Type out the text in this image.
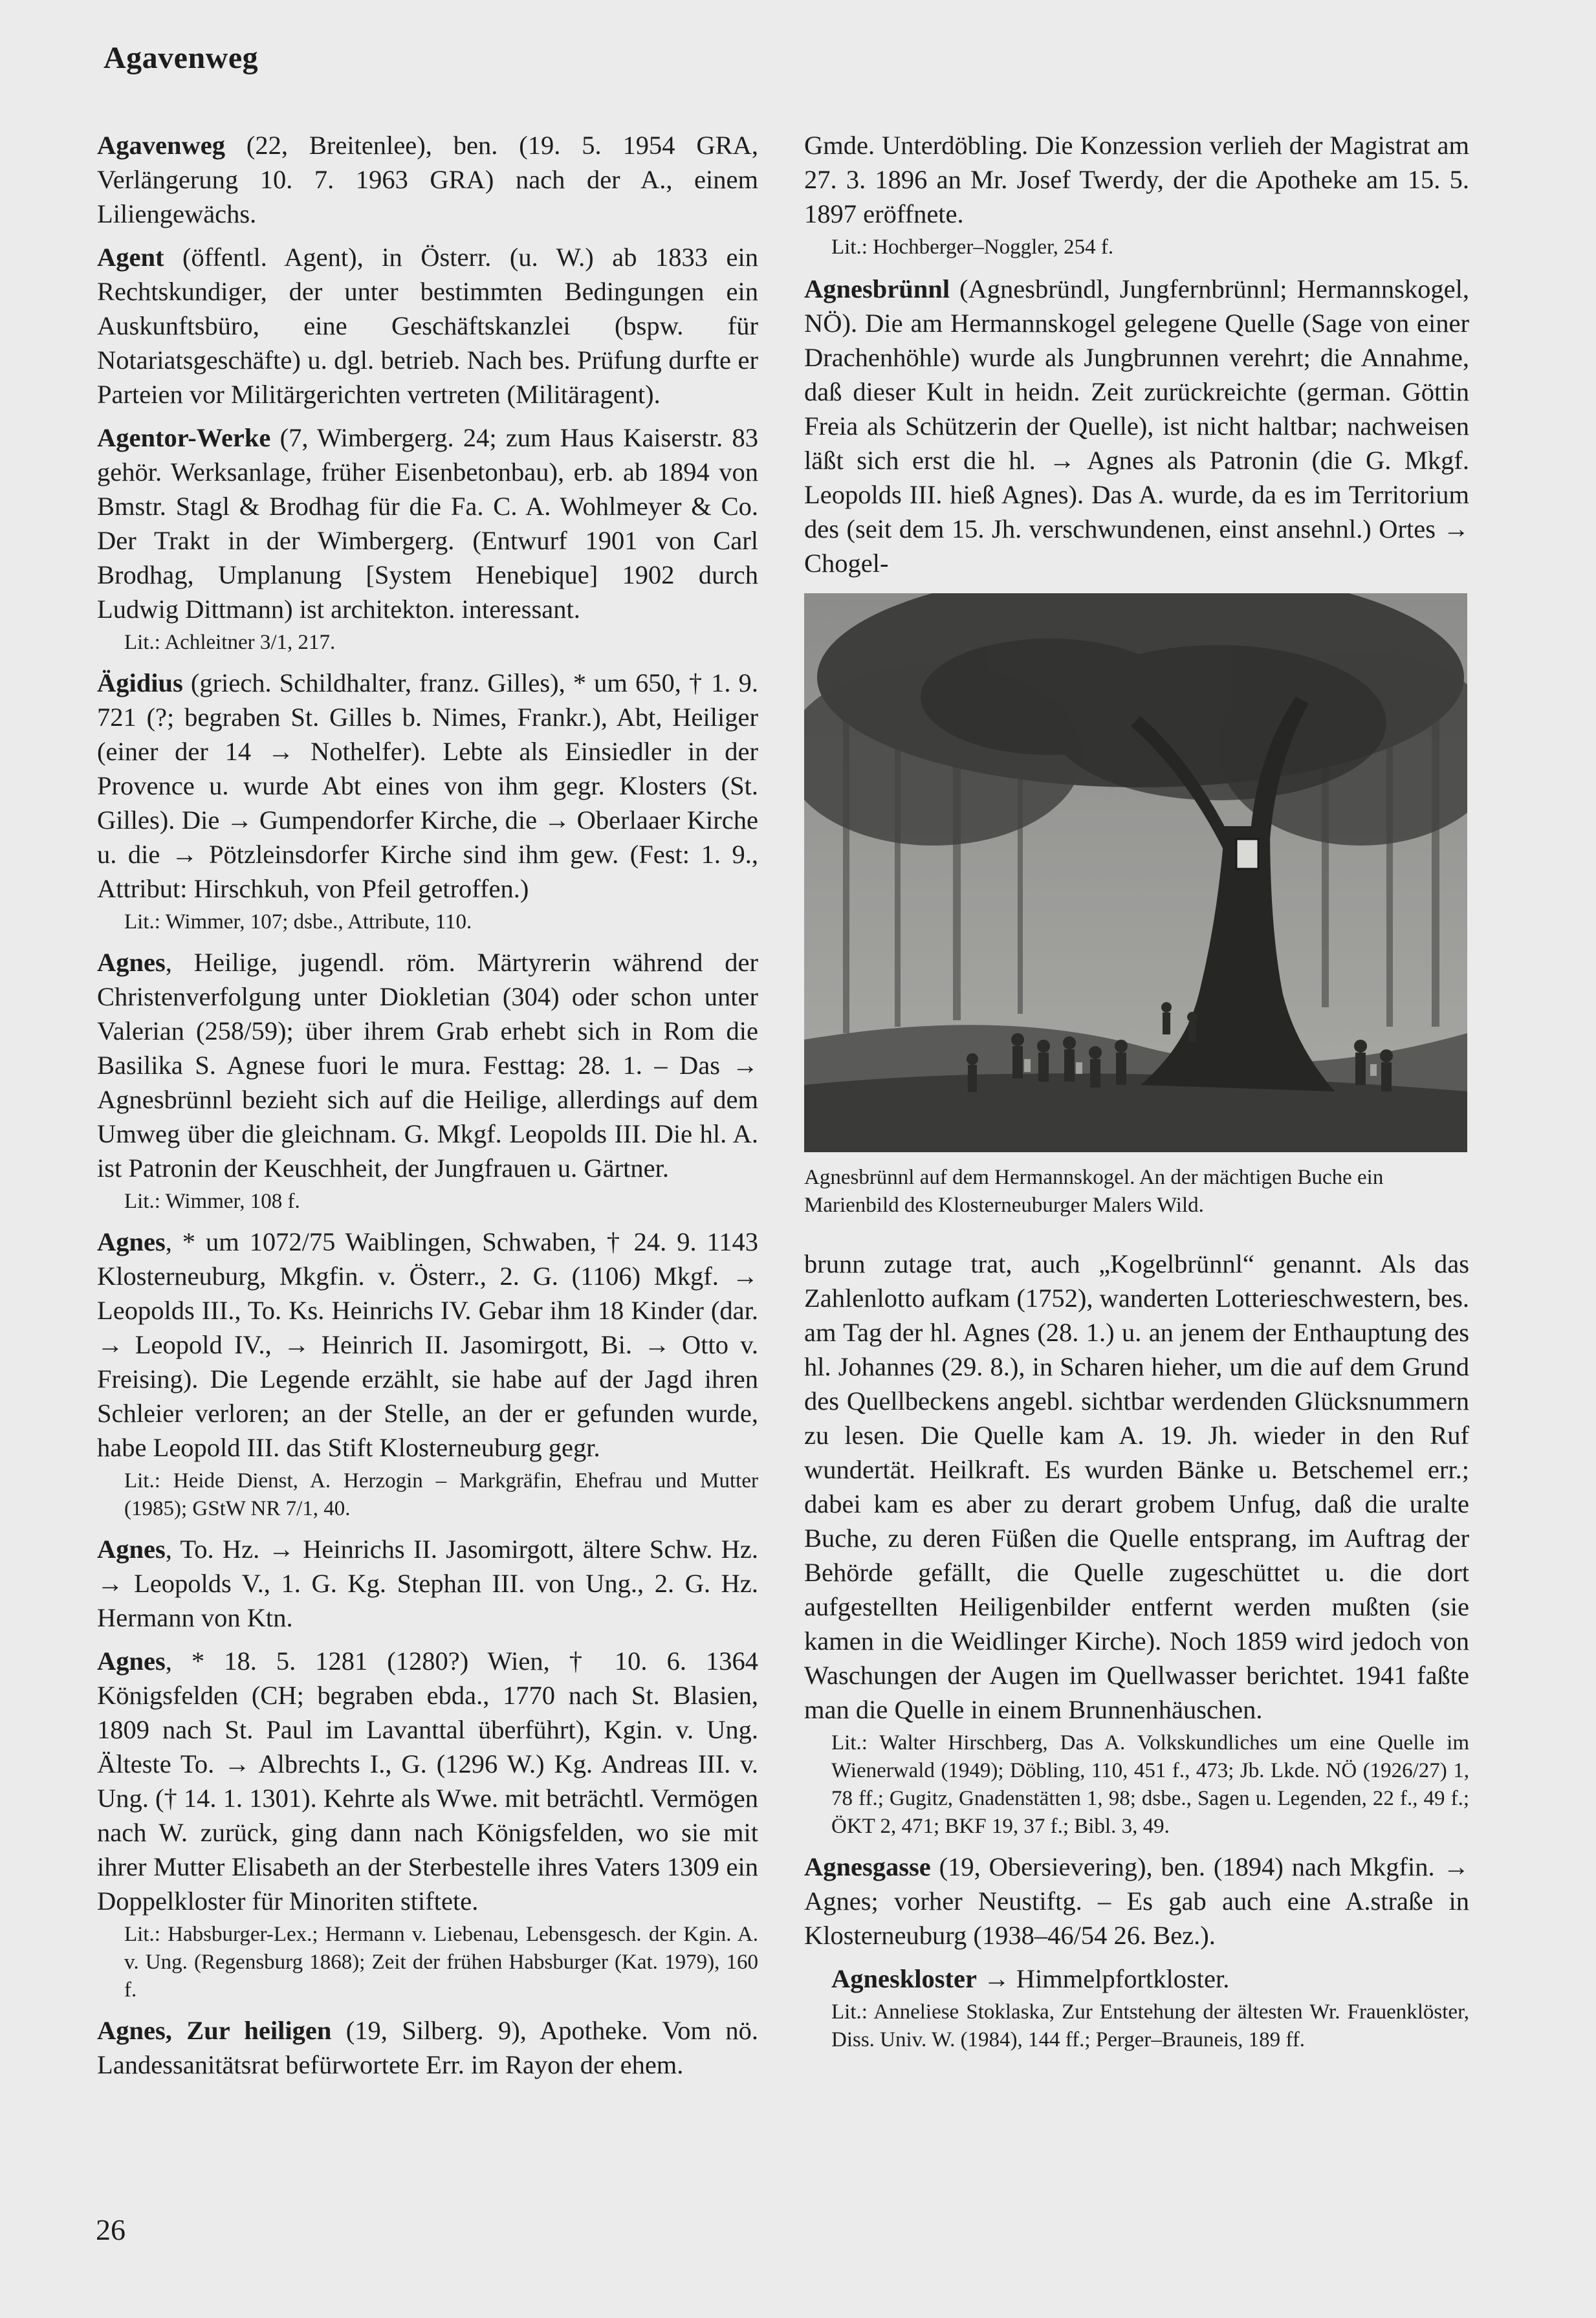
Agavenweg

Agavenweg (22, Breitenlee), ben. (19. 5. 1954 GRA, Verlängerung 10. 7. 1963 GRA) nach der A., einem Liliengewächs.

Agent (öffentl. Agent), in Österr. (u. W.) ab 1833 ein Rechtskundiger, der unter bestimmten Bedingungen ein Auskunftsbüro, eine Geschäftskanzlei (bspw. für Notariatsgeschäfte) u. dgl. betrieb. Nach bes. Prüfung durfte er Parteien vor Militärgerichten vertreten (Militäragent).

Agentor-Werke (7, Wimbergerg. 24; zum Haus Kaiserstr. 83 gehör. Werksanlage, früher Eisenbetonbau), erb. ab 1894 von Bmstr. Stagl & Brodhag für die Fa. C. A. Wohlmeyer & Co. Der Trakt in der Wimbergerg. (Entwurf 1901 von Carl Brodhag, Umplanung [System Henebique] 1902 durch Ludwig Dittmann) ist architekton. interessant.

Lit.: Achleitner 3/1, 217.

Ägidius (griech. Schildhalter, franz. Gilles), * um 650, † 1. 9. 721 (?; begraben St. Gilles b. Nimes, Frankr.), Abt, Heiliger (einer der 14 → Nothelfer). Lebte als Einsiedler in der Provence u. wurde Abt eines von ihm gegr. Klosters (St. Gilles). Die → Gumpendorfer Kirche, die → Oberlaaer Kirche u. die → Pötzleinsdorfer Kirche sind ihm gew. (Fest: 1. 9., Attribut: Hirschkuh, von Pfeil getroffen.)

Lit.: Wimmer, 107; dsbe., Attribute, 110.

Agnes, Heilige, jugendl. röm. Märtyrerin während der Christenverfolgung unter Diokletian (304) oder schon unter Valerian (258/59); über ihrem Grab erhebt sich in Rom die Basilika S. Agnese fuori le mura. Festtag: 28. 1. – Das → Agnesbrünnl bezieht sich auf die Heilige, allerdings auf dem Umweg über die gleichnam. G. Mkgf. Leopolds III. Die hl. A. ist Patronin der Keuschheit, der Jungfrauen u. Gärtner.

Lit.: Wimmer, 108 f.

Agnes, * um 1072/75 Waiblingen, Schwaben, † 24. 9. 1143 Klosterneuburg, Mkgfin. v. Österr., 2. G. (1106) Mkgf. → Leopolds III., To. Ks. Heinrichs IV. Gebar ihm 18 Kinder (dar. → Leopold IV., → Heinrich II. Jasomirgott, Bi. → Otto v. Freising). Die Legende erzählt, sie habe auf der Jagd ihren Schleier verloren; an der Stelle, an der er gefunden wurde, habe Leopold III. das Stift Klosterneuburg gegr.

Lit.: Heide Dienst, A. Herzogin – Markgräfin, Ehefrau und Mutter (1985); GStW NR 7/1, 40.

Agnes, To. Hz. → Heinrichs II. Jasomirgott, ältere Schw. Hz. → Leopolds V., 1. G. Kg. Stephan III. von Ung., 2. G. Hz. Hermann von Ktn.

Agnes, * 18. 5. 1281 (1280?) Wien, † 10. 6. 1364 Königsfelden (CH; begraben ebda., 1770 nach St. Blasien, 1809 nach St. Paul im Lavanttal überführt), Kgin. v. Ung. Älteste To. → Albrechts I., G. (1296 W.) Kg. Andreas III. v. Ung. († 14. 1. 1301). Kehrte als Wwe. mit beträchtl. Vermögen nach W. zurück, ging dann nach Königsfelden, wo sie mit ihrer Mutter Elisabeth an der Sterbestelle ihres Vaters 1309 ein Doppelkloster für Minoriten stiftete.

Lit.: Habsburger-Lex.; Hermann v. Liebenau, Lebensgesch. der Kgin. A. v. Ung. (Regensburg 1868); Zeit der frühen Habsburger (Kat. 1979), 160 f.

Agnes, Zur heiligen (19, Silberg. 9), Apotheke. Vom nö. Landessanitätsrat befürwortete Err. im Rayon der ehem.

Gmde. Unterdöbling. Die Konzession verlieh der Magistrat am 27. 3. 1896 an Mr. Josef Twerdy, der die Apotheke am 15. 5. 1897 eröffnete.

Lit.: Hochberger–Noggler, 254 f.

Agnesbrünnl (Agnesbründl, Jungfernbrünnl; Hermannskogel, NÖ). Die am Hermannskogel gelegene Quelle (Sage von einer Drachenhöhle) wurde als Jungbrunnen verehrt; die Annahme, daß dieser Kult in heidn. Zeit zurückreichte (german. Göttin Freia als Schützerin der Quelle), ist nicht haltbar; nachweisen läßt sich erst die hl. → Agnes als Patronin (die G. Mkgf. Leopolds III. hieß Agnes). Das A. wurde, da es im Territorium des (seit dem 15. Jh. verschwundenen, einst ansehnl.) Ortes → Chogel-

Agnesbrünnl auf dem Hermannskogel. An der mächtigen Buche ein Marienbild des Klosterneuburger Malers Wild.

brunn zutage trat, auch „Kogelbrünnl“ genannt. Als das Zahlenlotto aufkam (1752), wanderten Lotterieschwestern, bes. am Tag der hl. Agnes (28. 1.) u. an jenem der Enthauptung des hl. Johannes (29. 8.), in Scharen hieher, um die auf dem Grund des Quellbeckens angebl. sichtbar werdenden Glücksnummern zu lesen. Die Quelle kam A. 19. Jh. wieder in den Ruf wundertät. Heilkraft. Es wurden Bänke u. Betschemel err.; dabei kam es aber zu derart grobem Unfug, daß die uralte Buche, zu deren Füßen die Quelle entsprang, im Auftrag der Behörde gefällt, die Quelle zugeschüttet u. die dort aufgestellten Heiligenbilder entfernt werden mußten (sie kamen in die Weidlinger Kirche). Noch 1859 wird jedoch von Waschungen der Augen im Quellwasser berichtet. 1941 faßte man die Quelle in einem Brunnenhäuschen.

Lit.: Walter Hirschberg, Das A. Volkskundliches um eine Quelle im Wienerwald (1949); Döbling, 110, 451 f., 473; Jb. Lkde. NÖ (1926/27) 1, 78 ff.; Gugitz, Gnadenstätten 1, 98; dsbe., Sagen u. Legenden, 22 f., 49 f.; ÖKT 2, 471; BKF 19, 37 f.; Bibl. 3, 49.

Agnesgasse (19, Obersievering), ben. (1894) nach Mkgfin. → Agnes; vorher Neustiftg. – Es gab auch eine A.straße in Klosterneuburg (1938–46/54 26. Bez.).

Agneskloster → Himmelpfortkloster.

Lit.: Anneliese Stoklaska, Zur Entstehung der ältesten Wr. Frauenklöster, Diss. Univ. W. (1984), 144 ff.; Perger–Brauneis, 189 ff.

26
